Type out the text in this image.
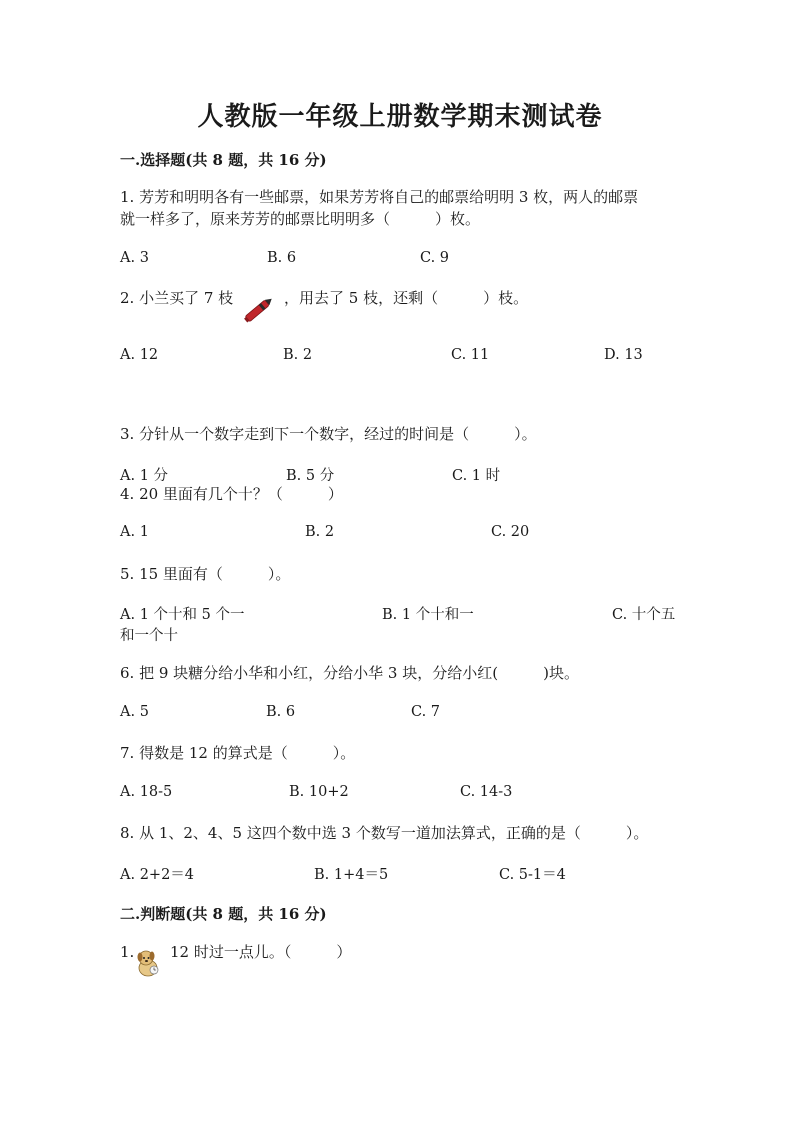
人教版一年级上册数学期末测试卷
一.选择题(共 8 题，共 16 分)
1. 芳芳和明明各有一些邮票，如果芳芳将自己的邮票给明明 3 枚，两人的邮票
就一样多了，原来芳芳的邮票比明明多（　　　）枚。
A. 3	B. 6	C. 9
2. 小兰买了 7 枝	，用去了 5 枝，还剩（　　　）枝。
A. 12	B. 2	C. 11	D. 13
3. 分针从一个数字走到下一个数字，经过的时间是（　　　）。
A. 1 分	B. 5 分	C. 1 时
4. 20 里面有几个十？（　　　）
A. 1	B. 2	C. 20
5. 15 里面有（　　　）。
A. 1 个十和 5 个一	B. 1 个十和一	C. 十个五
和一个十
6. 把 9 块糖分给小华和小红，分给小华 3 块，分给小红(　　　)块。
A. 5	B. 6	C. 7
7. 得数是 12 的算式是（　　　）。
A. 18-5	B. 10+2	C. 14-3
8. 从 1、2、4、5 这四个数中选 3 个数写一道加法算式，正确的是（　　　）。
A. 2+2＝4	B. 1+4＝5	C. 5-1＝4
二.判断题(共 8 题，共 16 分)
1. 12 时过一点儿。（　　　）
